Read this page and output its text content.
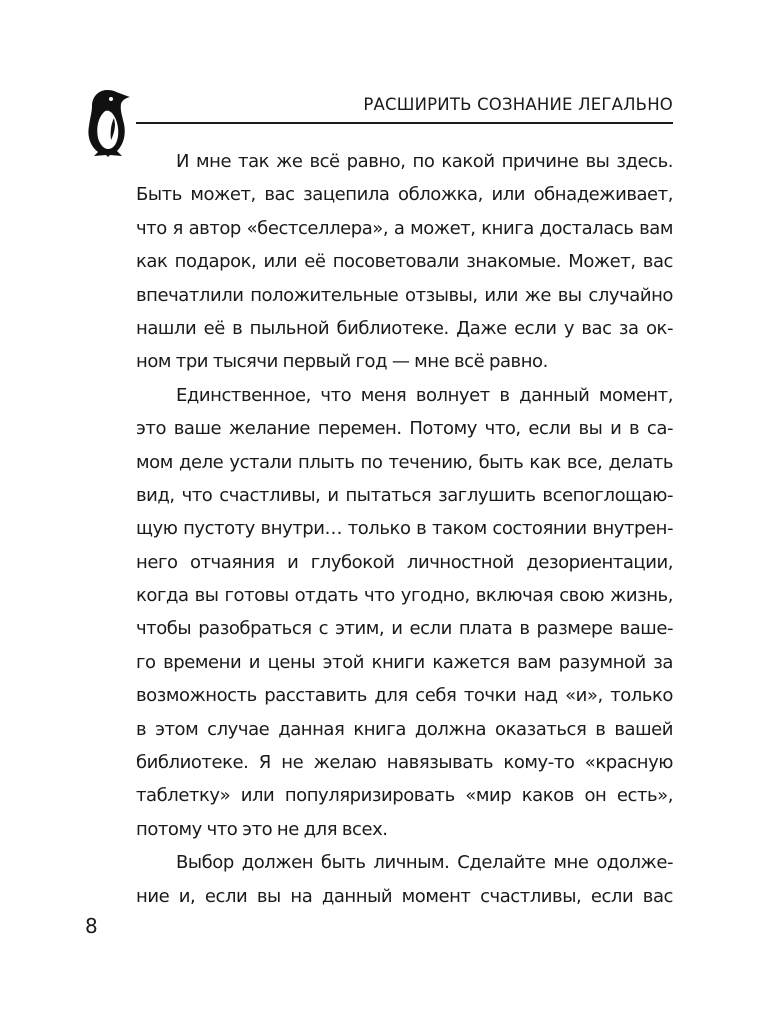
РАСШИРИТЬ СОЗНАНИЕ ЛЕГАЛЬНО
И мне так же всё равно, по какой причине вы здесь.
Быть может, вас зацепила обложка, или обнадеживает,
что я автор «бестселлера», а может, книга досталась вам
как подарок, или её посоветовали знакомые. Может, вас
впечатлили положительные отзывы, или же вы случайно
нашли её в пыльной библиотеке. Даже если у вас за ок-
ном три тысячи первый год — мне всё равно.
Единственное, что меня волнует в данный момент,
это ваше желание перемен. Потому что, если вы и в са-
мом деле устали плыть по течению, быть как все, делать
вид, что счастливы, и пытаться заглушить всепоглощаю-
щую пустоту внутри… только в таком состоянии внутрен-
него отчаяния и глубокой личностной дезориентации,
когда вы готовы отдать что угодно, включая свою жизнь,
чтобы разобраться с этим, и если плата в размере ваше-
го времени и цены этой книги кажется вам разумной за
возможность расставить для себя точки над «и», только
в этом случае данная книга должна оказаться в вашей
библиотеке. Я не желаю навязывать кому-то «красную
таблетку» или популяризировать «мир каков он есть»,
потому что это не для всех.
Выбор должен быть личным. Сделайте мне одолже-
ние и, если вы на данный момент счастливы, если вас
8
